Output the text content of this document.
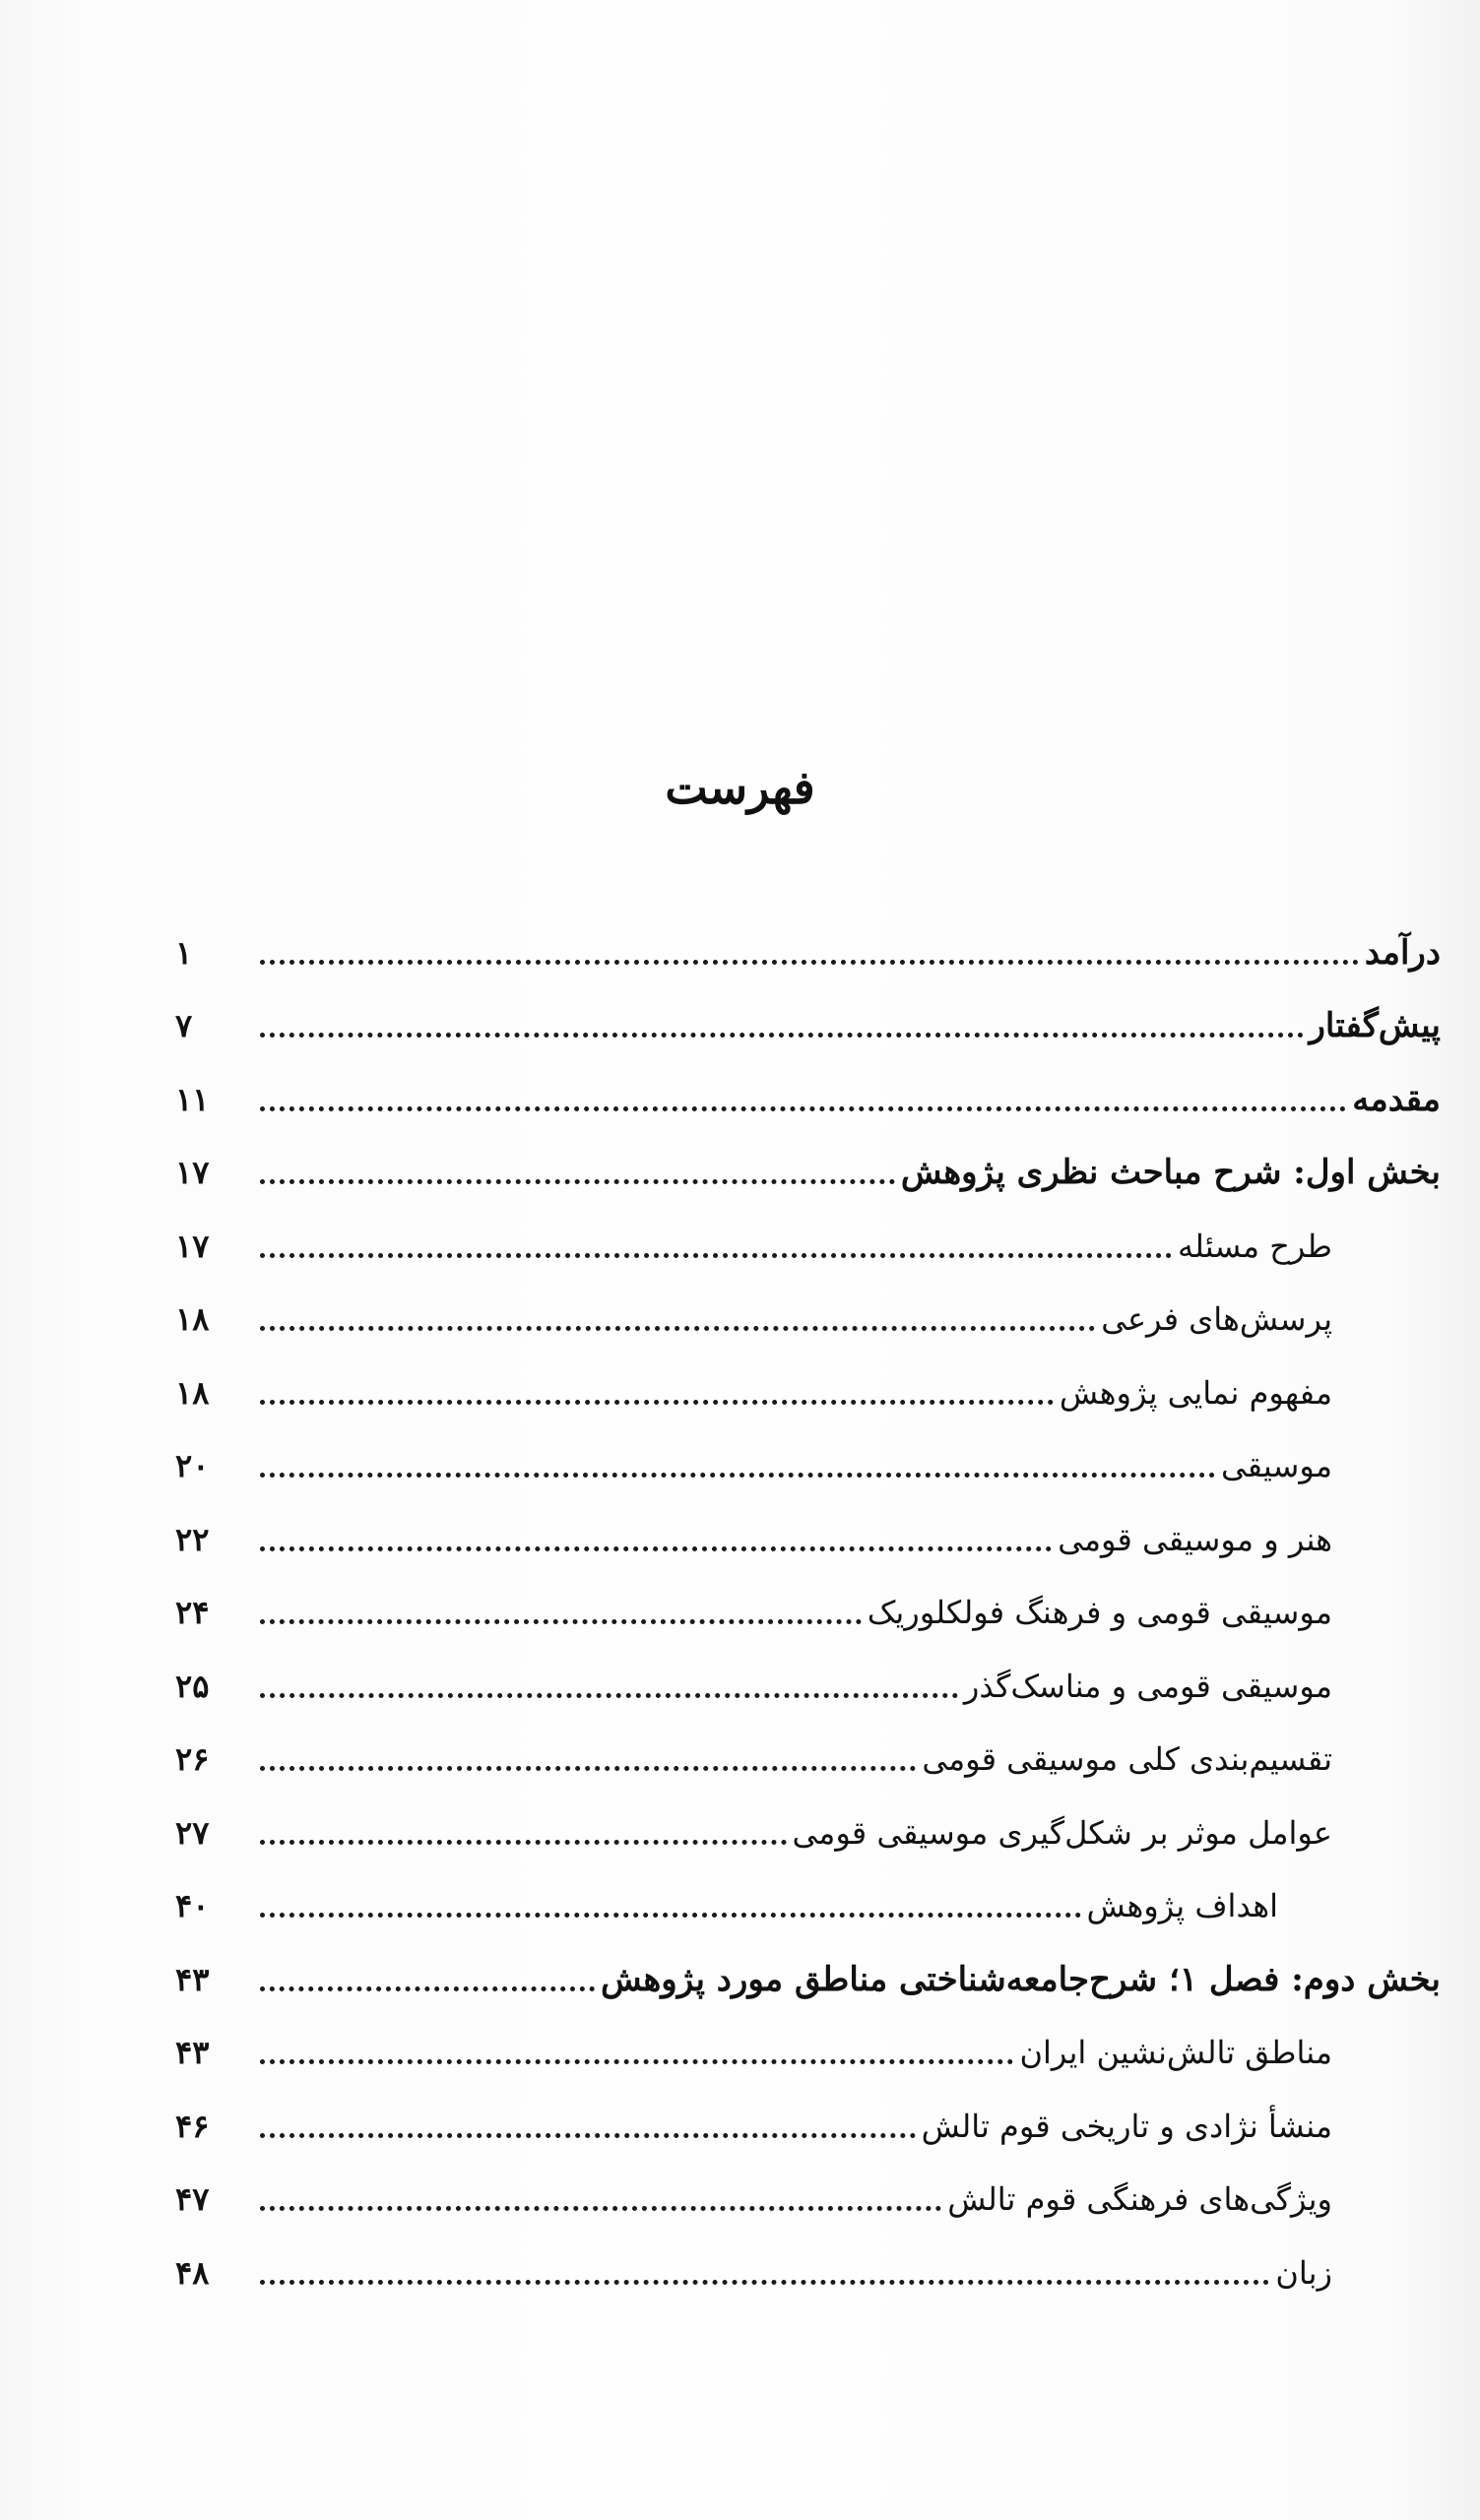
فهرست
درآمد
۱
پیش‌گفتار
۷
مقدمه
۱۱
بخش اول: شرح مباحث نظری پژوهش
۱۷
طرح مسئله
۱۷
پرسش‌های فرعی
۱۸
مفهوم نمایی پژوهش
۱۸
موسیقی
۲۰
هنر و موسیقی قومی
۲۲
موسیقی قومی و فرهنگ فولکلوریک
۲۴
موسیقی قومی و مناسک‌گذر
۲۵
تقسیم‌بندی کلی موسیقی قومی
۲۶
عوامل موثر بر شکل‌گیری موسیقی قومی
۲۷
اهداف پژوهش
۴۰
بخش دوم: فصل ۱؛ شرح‌جامعه‌شناختی مناطق مورد پژوهش
۴۳
مناطق تالش‌نشین ایران
۴۳
منشأ نژادی و تاریخی قوم تالش
۴۶
ویژگی‌های فرهنگی قوم تالش
۴۷
زبان
۴۸
